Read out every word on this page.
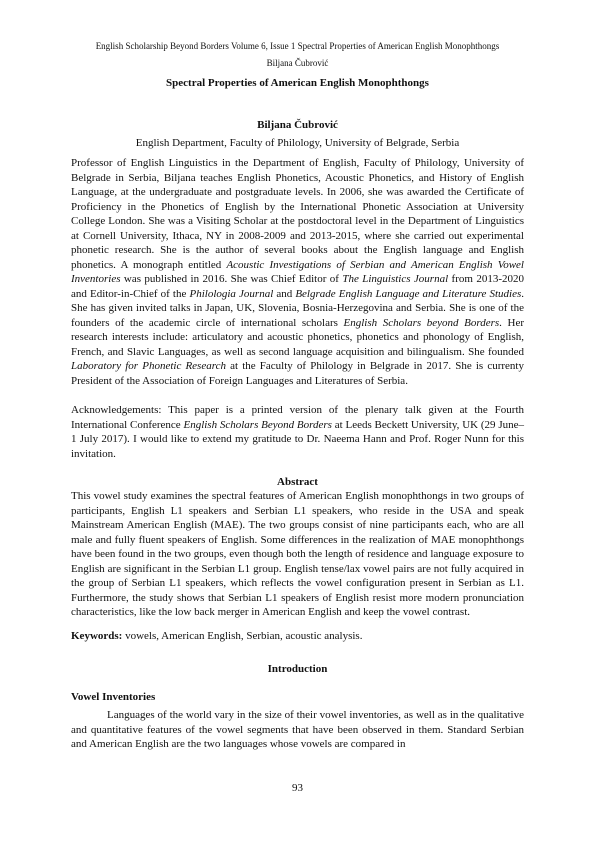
English Scholarship Beyond Borders Volume 6, Issue 1 Spectral Properties of American English Monophthongs
Biljana Čubrović
Spectral Properties of American English Monophthongs
Biljana Čubrović
English Department, Faculty of Philology, University of Belgrade, Serbia

Professor of English Linguistics in the Department of English, Faculty of Philology, University of Belgrade in Serbia, Biljana teaches English Phonetics, Acoustic Phonetics, and History of English Language, at the undergraduate and postgraduate levels. In 2006, she was awarded the Certificate of Proficiency in the Phonetics of English by the International Phonetic Association at University College London. She was a Visiting Scholar at the postdoctoral level in the Department of Linguistics at Cornell University, Ithaca, NY in 2008-2009 and 2013-2015, where she carried out experimental phonetic research. She is the author of several books about the English language and English phonetics. A monograph entitled Acoustic Investigations of Serbian and American English Vowel Inventories was published in 2016. She was Chief Editor of The Linguistics Journal from 2013-2020 and Editor-in-Chief of the Philologia Journal and Belgrade English Language and Literature Studies. She has given invited talks in Japan, UK, Slovenia, Bosnia-Herzegovina and Serbia. She is one of the founders of the academic circle of international scholars English Scholars beyond Borders. Her research interests include: articulatory and acoustic phonetics, phonetics and phonology of English, French, and Slavic Languages, as well as second language acquisition and bilingualism. She founded Laboratory for Phonetic Research at the Faculty of Philology in Belgrade in 2017. She is currenty President of the Association of Foreign Languages and Literatures of Serbia.

Acknowledgements: This paper is a printed version of the plenary talk given at the Fourth International Conference English Scholars Beyond Borders at Leeds Beckett University, UK (29 June–1 July 2017). I would like to extend my gratitude to Dr. Naeema Hann and Prof. Roger Nunn for this invitation.

Abstract

This vowel study examines the spectral features of American English monophthongs in two groups of participants, English L1 speakers and Serbian L1 speakers, who reside in the USA and speak Mainstream American English (MAE). The two groups consist of nine participants each, who are all male and fully fluent speakers of English. Some differences in the realization of MAE monophthongs have been found in the two groups, even though both the length of residence and language exposure to English are significant in the Serbian L1 group. English tense/lax vowel pairs are not fully acquired in the group of Serbian L1 speakers, which reflects the vowel configuration present in Serbian as L1. Furthermore, the study shows that Serbian L1 speakers of English resist more modern pronunciation characteristics, like the low back merger in American English and keep the vowel contrast.

Keywords: vowels, American English, Serbian, acoustic analysis.

Introduction
Vowel Inventories

Languages of the world vary in the size of their vowel inventories, as well as in the qualitative and quantitative features of the vowel segments that have been observed in them. Standard Serbian and American English are the two languages whose vowels are compared in

93
